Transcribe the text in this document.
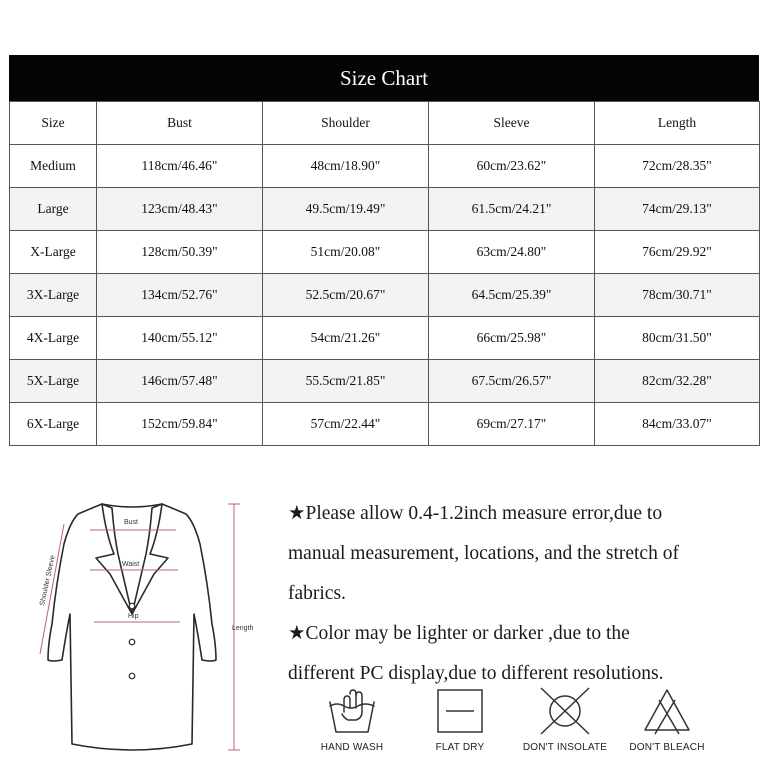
Size Chart
Size	Bust	Shoulder	Sleeve	Length
Medium	118cm/46.46"	48cm/18.90"	60cm/23.62"	72cm/28.35"
Large	123cm/48.43"	49.5cm/19.49"	61.5cm/24.21"	74cm/29.13"
X-Large	128cm/50.39"	51cm/20.08"	63cm/24.80"	76cm/29.92"
3X-Large	134cm/52.76"	52.5cm/20.67"	64.5cm/25.39"	78cm/30.71"
4X-Large	140cm/55.12"	54cm/21.26"	66cm/25.98"	80cm/31.50"
5X-Large	146cm/57.48"	55.5cm/21.85"	67.5cm/26.57"	82cm/32.28"
6X-Large	152cm/59.84"	57cm/22.44"	69cm/27.17"	84cm/33.07"
Bust
Waist
Hip
Length
Shoulder Sleeve

★Please allow 0.4-1.2inch measure error,due to

manual measurement, locations, and the stretch of

fabrics.

★Color may be lighter or darker ,due to the

different PC display,due to different resolutions.

HAND WASH	FLAT DRY	DON'T INSOLATE	DON'T BLEACH
